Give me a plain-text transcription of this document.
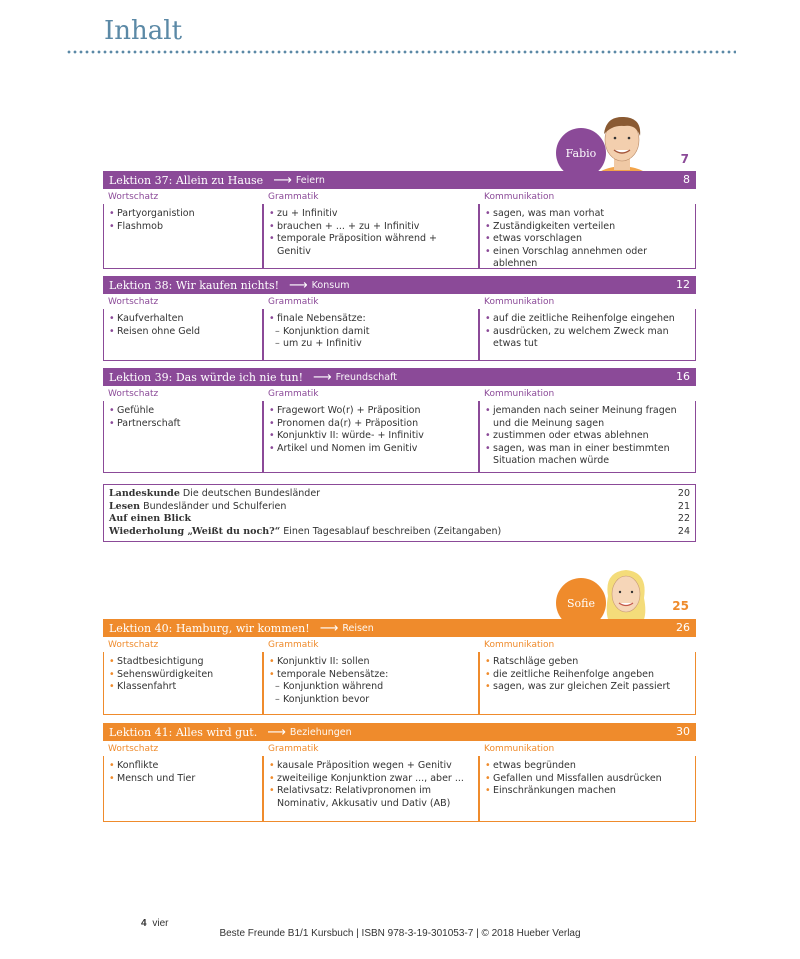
Inhalt
Fabio	7
Sofie	25
Lektion 37: Allein zu Hause ⟶ Feiern	8
Wortschatz
• Partyorganistion
• Flashmob
Grammatik
• zu + Infinitiv
• brauchen + ... + zu + Infinitiv
• temporale Präposition während + Genitiv
Kommunikation
• sagen, was man vorhat
• Zuständigkeiten verteilen
• etwas vorschlagen
• einen Vorschlag annehmen oder ablehnen
Lektion 38: Wir kaufen nichts! ⟶ Konsum	12
Wortschatz
• Kaufverhalten
• Reisen ohne Geld
Grammatik
• finale Nebensätze:
– Konjunktion damit
– um zu + Infinitiv
Kommunikation
• auf die zeitliche Reihenfolge eingehen
• ausdrücken, zu welchem Zweck man
etwas tut
Lektion 39: Das würde ich nie tun! ⟶ Freundschaft	16
Wortschatz
• Gefühle
• Partnerschaft
Grammatik
• Fragewort Wo(r) + Präposition
• Pronomen da(r) + Präposition
• Konjunktiv II: würde- + Infinitiv
• Artikel und Nomen im Genitiv
Kommunikation
• jemanden nach seiner Meinung fragen
und die Meinung sagen
• zustimmen oder etwas ablehnen
• sagen, was man in einer bestimmten
Situation machen würde
Landeskunde Die deutschen Bundesländer	20
Lesen Bundesländer und Schulferien	21
Auf einen Blick	22
Wiederholung „Weißt du noch?“ Einen Tagesablauf beschreiben (Zeitangaben)	24
Lektion 40: Hamburg, wir kommen! ⟶ Reisen	26
Wortschatz
• Stadtbesichtigung
• Sehenswürdigkeiten
• Klassenfahrt
Grammatik
• Konjunktiv II: sollen
• temporale Nebensätze:
– Konjunktion während
– Konjunktion bevor
Kommunikation
• Ratschläge geben
• die zeitliche Reihenfolge angeben
• sagen, was zur gleichen Zeit passiert
Lektion 41: Alles wird gut. ⟶ Beziehungen	30
Wortschatz
• Konflikte
• Mensch und Tier
Grammatik
• kausale Präposition wegen + Genitiv
• zweiteilige Konjunktion zwar ..., aber ...
• Relativsatz: Relativpronomen im
Nominativ, Akkusativ und Dativ (AB)
Kommunikation
• etwas begründen
• Gefallen und Missfallen ausdrücken
• Einschränkungen machen
4 vier
Beste Freunde B1/1 Kursbuch | ISBN 978-3-19-301053-7 | © 2018 Hueber Verlag
